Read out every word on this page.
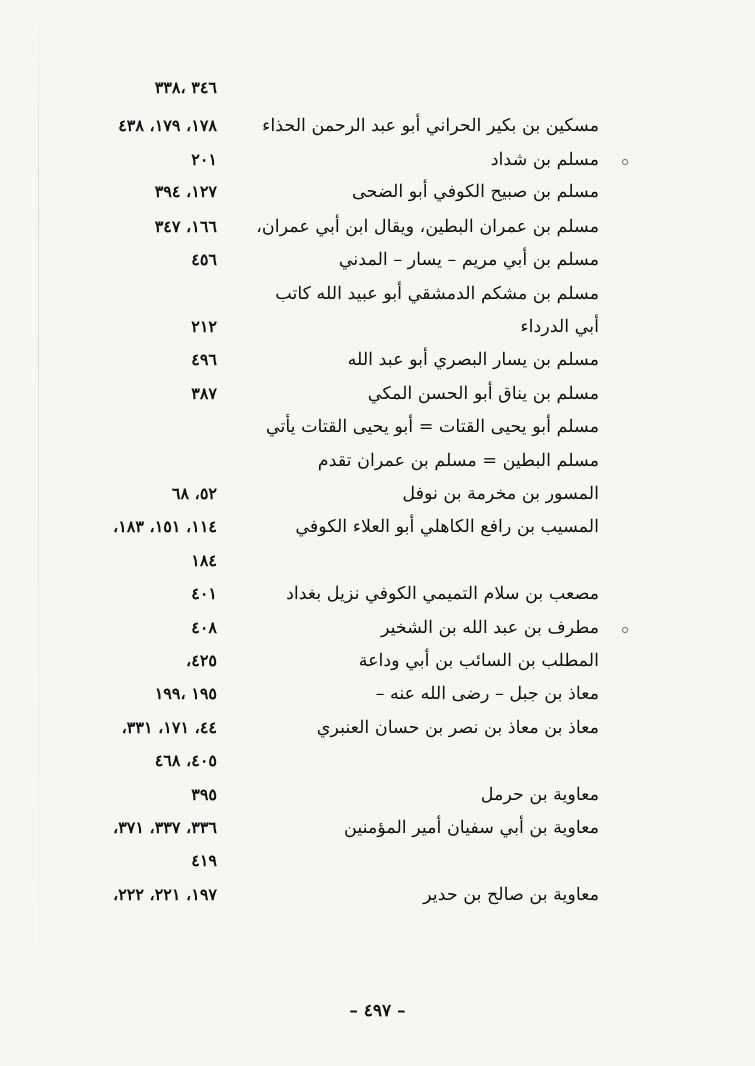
٣٤٦ ،٣٣٨
مسكين بن بكير الحراني أبو عبد الرحمن الحذاء
١٧٨، ١٧٩، ٤٣٨
مسلم بن شداد
٢٠١
مسلم بن صبيح الكوفي أبو الضحى
١٢٧، ٣٩٤
مسلم بن عمران البطين، ويقال ابن أبي عمران،
١٦٦، ٣٤٧
مسلم بن أبي مريم – يسار – المدني
٤٥٦
مسلم بن مشكم الدمشقي أبو عبيد الله كاتب
أبي الدرداء
٢١٢
مسلم بن يسار البصري أبو عبد الله
٤٩٦
مسلم بن يناق أبو الحسن المكي
٣٨٧
مسلم أبو يحيى القتات = أبو يحيى القتات يأتي
مسلم البطين = مسلم بن عمران تقدم
المسور بن مخرمة بن نوفل
٥٢، ٦٨
المسيب بن رافع الكاهلي أبو العلاء الكوفي
١١٤، ١٥١، ١٨٣،
١٨٤
مصعب بن سلام التميمي الكوفي نزيل بغداد
٤٠١
مطرف بن عبد الله بن الشخير
٤٠٨
المطلب بن السائب بن أبي وداعة
٤٢٥،
معاذ بن جبل – رضى الله عنه –
١٩٥ ،١٩٩
معاذ بن معاذ بن نصر بن حسان العنبري
٤٤، ١٧١، ٣٣١،
٤٠٥، ٤٦٨
معاوية بن حرمل
٣٩٥
معاوية بن أبي سفيان أمير المؤمنين
٣٣٦، ٣٣٧، ٣٧١،
٤١٩
معاوية بن صالح بن حدير
١٩٧، ٢٢١، ٢٢٢،
– ٤٩٧ –
